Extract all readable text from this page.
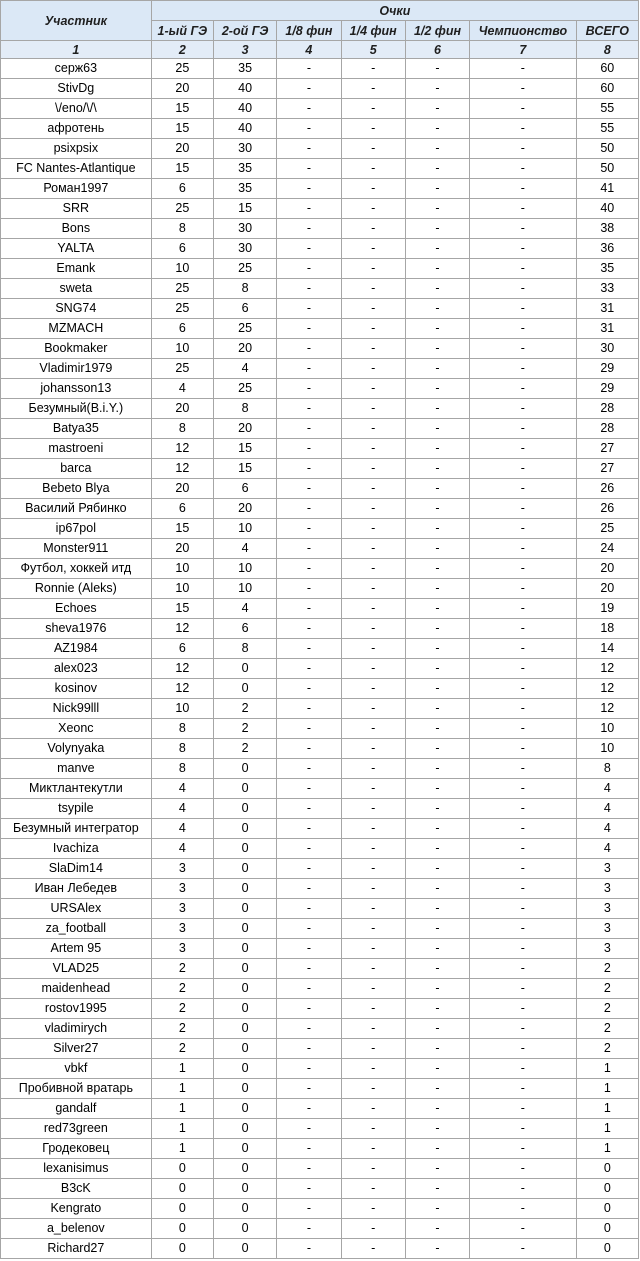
Участник	Очки						
	1-ый ГЭ	2-ой ГЭ	1/8 фин	1/4 фин	1/2 фин	Чемпионство	ВСЕГО
1	2	3	4	5	6	7	8
серж63	25	35	-	-	-	-	60
StivDg	20	40	-	-	-	-	60
\/eno/\/\	15	40	-	-	-	-	55
афротень	15	40	-	-	-	-	55
psixpsix	20	30	-	-	-	-	50
FC Nantes-Atlantique	15	35	-	-	-	-	50
Роман1997	6	35	-	-	-	-	41
SRR	25	15	-	-	-	-	40
Bons	8	30	-	-	-	-	38
YALTA	6	30	-	-	-	-	36
Emank	10	25	-	-	-	-	35
sweta	25	8	-	-	-	-	33
SNG74	25	6	-	-	-	-	31
MZMACH	6	25	-	-	-	-	31
Bookmaker	10	20	-	-	-	-	30
Vladimir1979	25	4	-	-	-	-	29
johansson13	4	25	-	-	-	-	29
Безумный(B.i.Y.)	20	8	-	-	-	-	28
Batya35	8	20	-	-	-	-	28
mastroeni	12	15	-	-	-	-	27
barca	12	15	-	-	-	-	27
Bebeto Blya	20	6	-	-	-	-	26
Василий Рябинко	6	20	-	-	-	-	26
ip67pol	15	10	-	-	-	-	25
Monster911	20	4	-	-	-	-	24
Футбол, хоккей итд	10	10	-	-	-	-	20
Ronnie (Aleks)	10	10	-	-	-	-	20
Echoes	15	4	-	-	-	-	19
sheva1976	12	6	-	-	-	-	18
AZ1984	6	8	-	-	-	-	14
alex023	12	0	-	-	-	-	12
kosinov	12	0	-	-	-	-	12
Nick99lll	10	2	-	-	-	-	12
Xeonc	8	2	-	-	-	-	10
Volynyaka	8	2	-	-	-	-	10
manve	8	0	-	-	-	-	8
Миктлантекутли	4	0	-	-	-	-	4
tsypile	4	0	-	-	-	-	4
Безумный интегратор	4	0	-	-	-	-	4
Ivachiza	4	0	-	-	-	-	4
SlaDim14	3	0	-	-	-	-	3
Иван Лебедев	3	0	-	-	-	-	3
URSAlex	3	0	-	-	-	-	3
za_football	3	0	-	-	-	-	3
Artem 95	3	0	-	-	-	-	3
VLAD25	2	0	-	-	-	-	2
maidenhead	2	0	-	-	-	-	2
rostov1995	2	0	-	-	-	-	2
vladimirych	2	0	-	-	-	-	2
Silver27	2	0	-	-	-	-	2
vbkf	1	0	-	-	-	-	1
Пробивной вратарь	1	0	-	-	-	-	1
gandalf	1	0	-	-	-	-	1
red73green	1	0	-	-	-	-	1
Гродековец	1	0	-	-	-	-	1
lexanisimus	0	0	-	-	-	-	0
B3cK	0	0	-	-	-	-	0
Kengrato	0	0	-	-	-	-	0
a_belenov	0	0	-	-	-	-	0
Richard27	0	0	-	-	-	-	0
